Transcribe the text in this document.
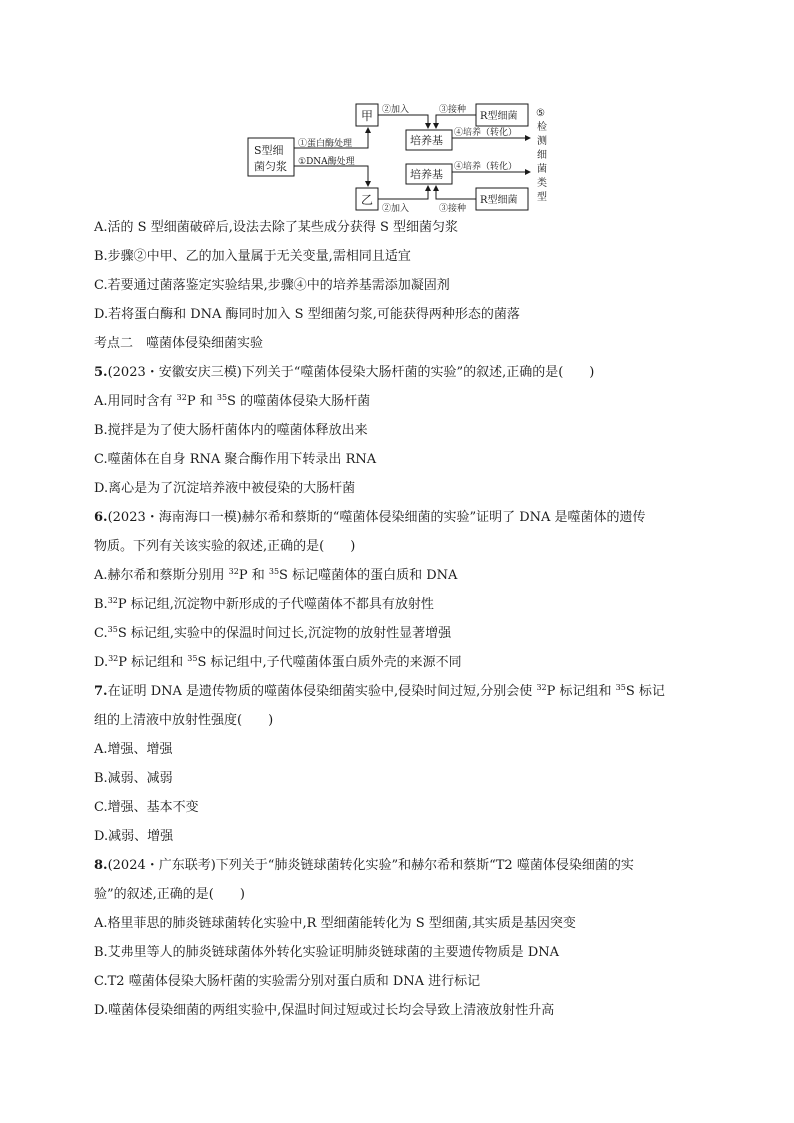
S型细
菌匀浆
甲
乙
培养基
培养基
R型细菌
R型细菌
①蛋白酶处理
①DNA酶处理
②加入
②加入
③接种
③接种
④培养（转化）
④培养（转化）
⑤
检
测
细
菌
类
型
A.活的 S 型细菌破碎后,设法去除了某些成分获得 S 型细菌匀浆
B.步骤②中甲、乙的加入量属于无关变量,需相同且适宜
C.若要通过菌落鉴定实验结果,步骤④中的培养基需添加凝固剂
D.若将蛋白酶和 DNA 酶同时加入 S 型细菌匀浆,可能获得两种形态的菌落
考点二　噬菌体侵染细菌实验
5.(2023・安徽安庆三模)下列关于“噬菌体侵染大肠杆菌的实验”的叙述,正确的是(　　)
A.用同时含有 $^{32}$P 和 $^{35}$S 的噬菌体侵染大肠杆菌
B.搅拌是为了使大肠杆菌体内的噬菌体释放出来
C.噬菌体在自身 RNA 聚合酶作用下转录出 RNA
D.离心是为了沉淀培养液中被侵染的大肠杆菌
6.(2023・海南海口一模)赫尔希和蔡斯的“噬菌体侵染细菌的实验”证明了 DNA 是噬菌体的遗传
物质。下列有关该实验的叙述,正确的是(　　)
A.赫尔希和蔡斯分别用 $^{32}$P 和 $^{35}$S 标记噬菌体的蛋白质和 DNA
B.$^{32}$P 标记组,沉淀物中新形成的子代噬菌体不都具有放射性
C.$^{35}$S 标记组,实验中的保温时间过长,沉淀物的放射性显著增强
D.$^{32}$P 标记组和 $^{35}$S 标记组中,子代噬菌体蛋白质外壳的来源不同
7.在证明 DNA 是遗传物质的噬菌体侵染细菌实验中,侵染时间过短,分别会使 $^{32}$P 标记组和 $^{35}$S 标记
组的上清液中放射性强度(　　)
A.增强、增强
B.减弱、减弱
C.增强、基本不变
D.减弱、增强
8.(2024・广东联考)下列关于“肺炎链球菌转化实验”和赫尔希和蔡斯“T2 噬菌体侵染细菌的实
验”的叙述,正确的是(　　)
A.格里菲思的肺炎链球菌转化实验中,R 型细菌能转化为 S 型细菌,其实质是基因突变
B.艾弗里等人的肺炎链球菌体外转化实验证明肺炎链球菌的主要遗传物质是 DNA
C.T2 噬菌体侵染大肠杆菌的实验需分别对蛋白质和 DNA 进行标记
D.噬菌体侵染细菌的两组实验中,保温时间过短或过长均会导致上清液放射性升高
